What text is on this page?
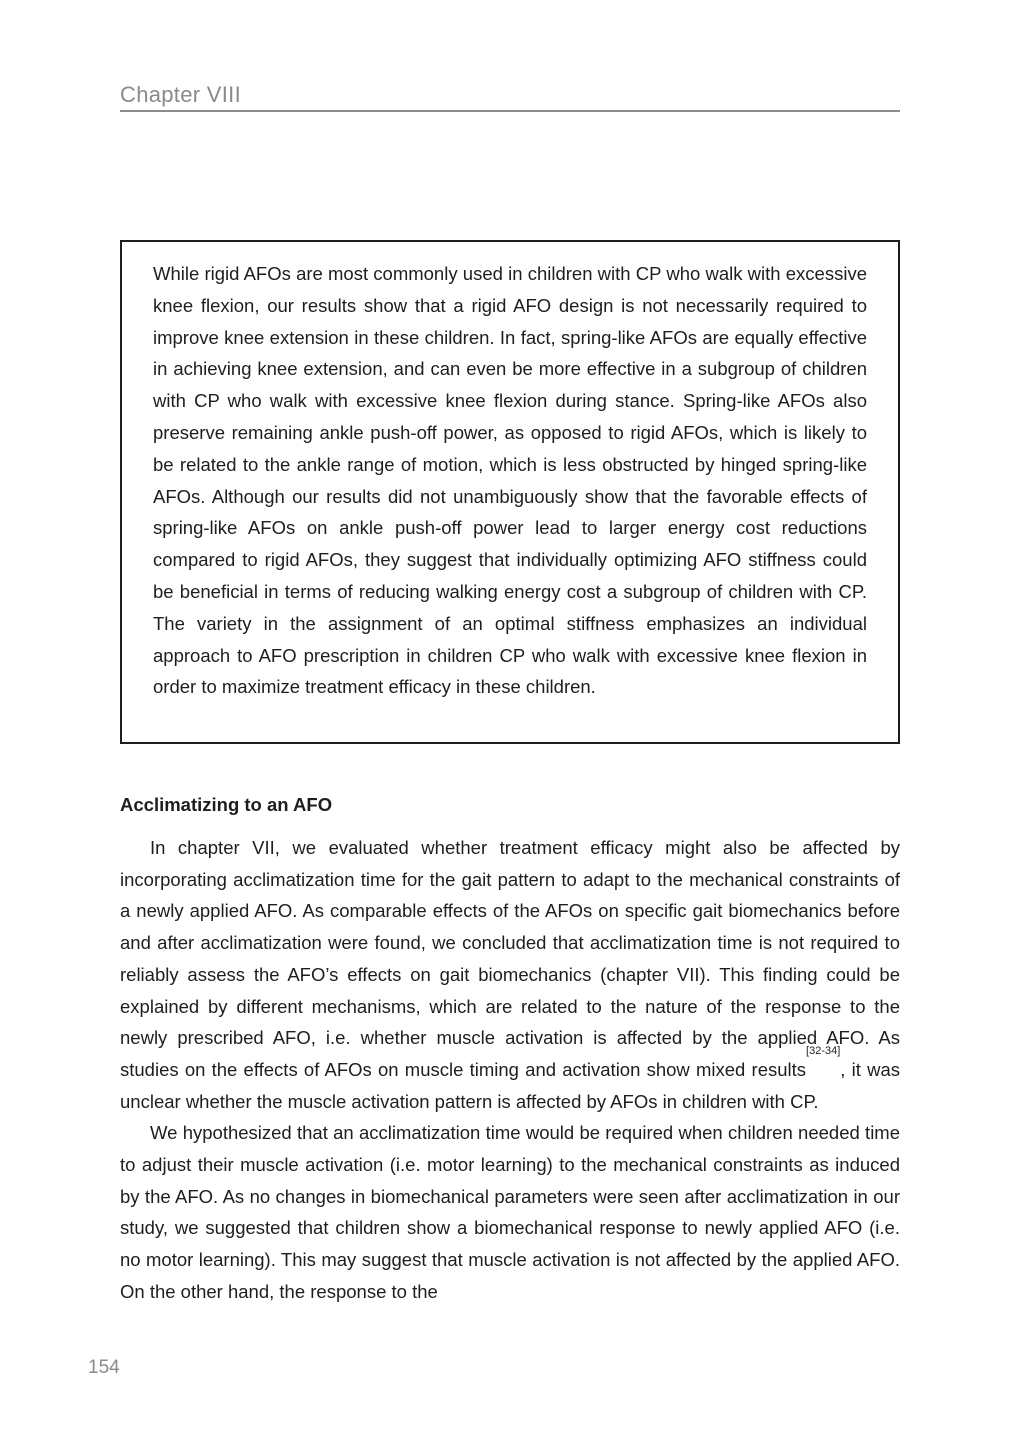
Chapter VIII

While rigid AFOs are most commonly used in children with CP who walk with excessive knee flexion, our results show that a rigid AFO design is not necessarily required to improve knee extension in these children. In fact, spring-like AFOs are equally effective in achieving knee extension, and can even be more effective in a subgroup of children with CP who walk with excessive knee flexion during stance. Spring-like AFOs also preserve remaining ankle push-off power, as opposed to rigid AFOs, which is likely to be related to the ankle range of motion, which is less obstructed by hinged spring-like AFOs. Although our results did not unambiguously show that the favorable effects of spring-like AFOs on ankle push-off power lead to larger energy cost reductions compared to rigid AFOs, they suggest that individually optimizing AFO stiffness could be beneficial in terms of reducing walking energy cost a subgroup of children with CP. The variety in the assignment of an optimal stiffness emphasizes an individual approach to AFO prescription in children CP who walk with excessive knee flexion in order to maximize treatment efficacy in these children.

Acclimatizing to an AFO

In chapter VII, we evaluated whether treatment efficacy might also be affected by incorporating acclimatization time for the gait pattern to adapt to the mechanical constraints of a newly applied AFO. As comparable effects of the AFOs on specific gait biomechanics before and after acclimatization were found, we concluded that acclimatization time is not required to reliably assess the AFO’s effects on gait biomechanics (chapter VII). This finding could be explained by different mechanisms, which are related to the nature of the response to the newly prescribed AFO, i.e. whether muscle activation is affected by the applied AFO. As studies on the effects of AFOs on muscle timing and activation show mixed results[32-34], it was unclear whether the muscle activation pattern is affected by AFOs in children with CP.

We hypothesized that an acclimatization time would be required when children needed time to adjust their muscle activation (i.e. motor learning) to the mechanical constraints as induced by the AFO. As no changes in biomechanical parameters were seen after acclimatization in our study, we suggested that children show a biomechanical response to newly applied AFO (i.e. no motor learning). This may suggest that muscle activation is not affected by the applied AFO. On the other hand, the response to the

154
